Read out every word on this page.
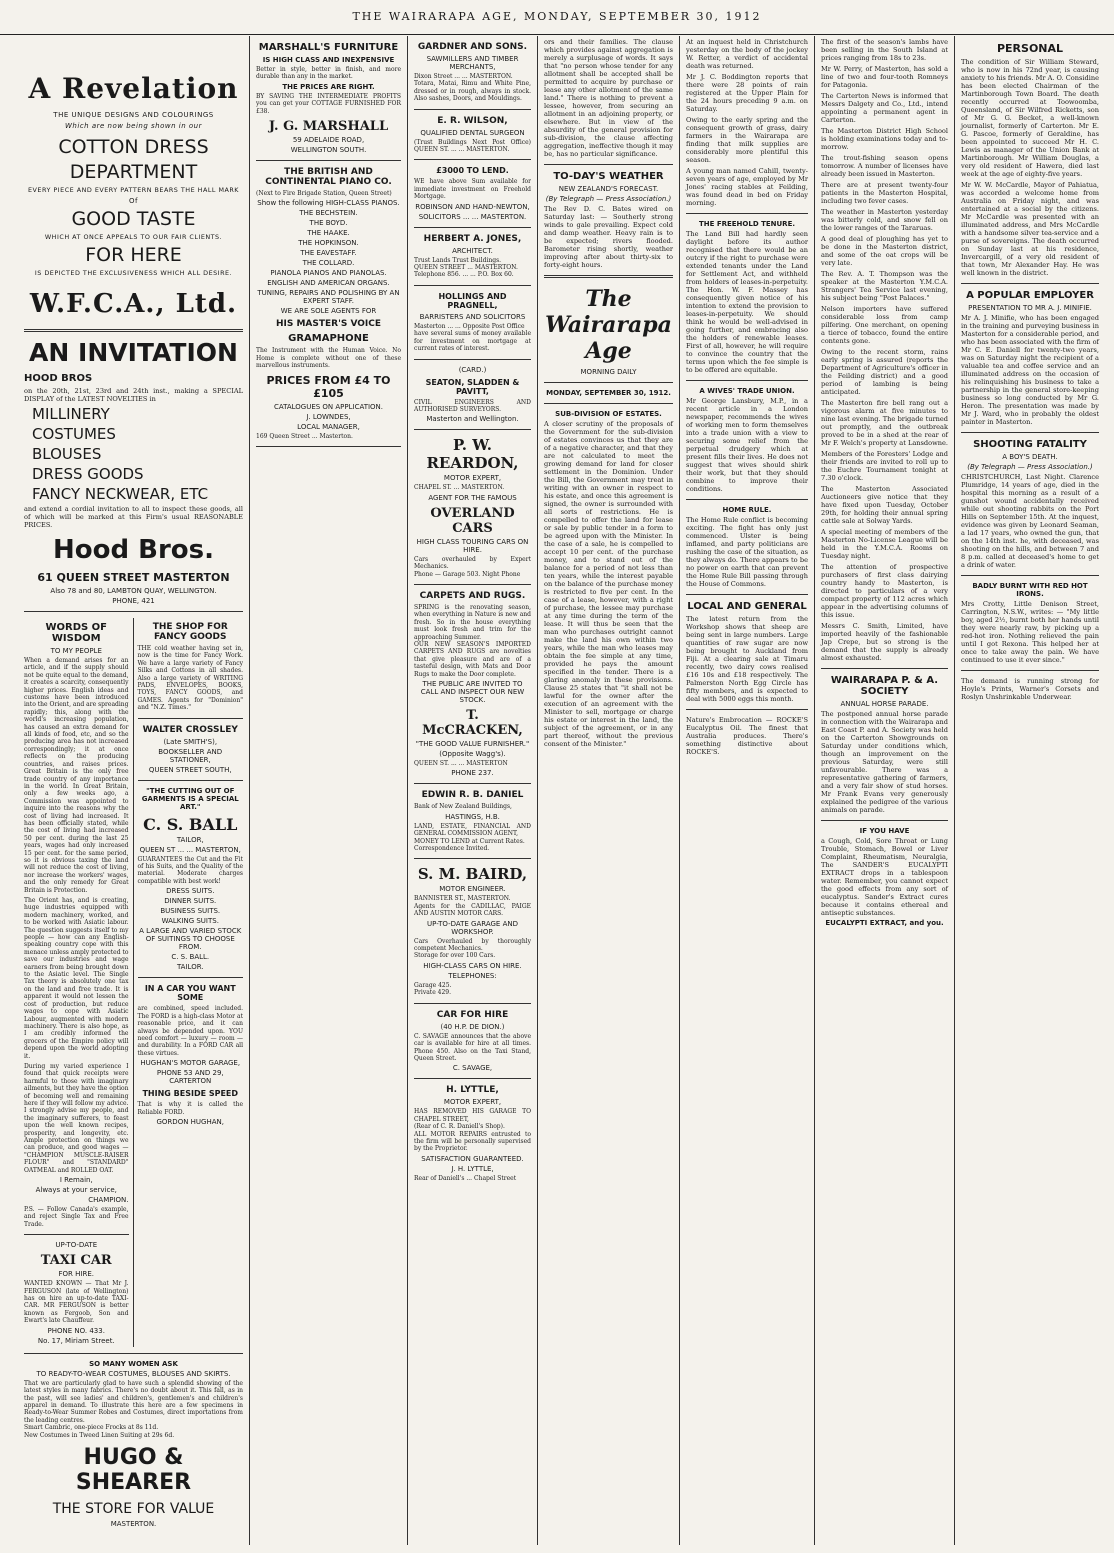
THE WAIRARAPA AGE, MONDAY, SEPTEMBER 30, 1912
A Revelation
THE UNIQUE DESIGNS AND COLOURINGS
Which are now being shown in our
COTTON DRESS
DEPARTMENT
EVERY PIECE AND EVERY PATTERN BEARS THE HALL MARK
Of
GOOD TASTE
WHICH AT ONCE APPEALS TO OUR FAIR CLIENTS.
FOR HERE
IS DEPICTED THE EXCLUSIVENESS WHICH ALL DESIRE.
W.F.C.A., Ltd.
AN INVITATION
HOOD BROS
on the 20th, 21st, 23rd and 24th inst., making a SPECIAL DISPLAY of the LATEST NOVELTIES in
MILLINERY
COSTUMES
BLOUSES
DRESS GOODS
FANCY NECKWEAR, ETC
and extend a cordial invitation to all to inspect these goods, all of which will be marked at this Firm's usual REASONABLE PRICES.
Hood Bros.
61 QUEEN STREET MASTERTON
Also 78 and 80, LAMBTON QUAY, WELLINGTON.
PHONE, 421
WORDS OF WISDOM
TO MY PEOPLE
When a demand arises for an article, and if the supply should not be quite equal to the demand, it creates a scarcity, consequently higher prices. English ideas and customs have been introduced into the Orient, and are spreading rapidly; this, along with the world's increasing population, has caused an extra demand for all kinds of food, etc, and so the producing area has not increased correspondingly; it at once reflects on the producing countries, and raises prices. Great Britain is the only free trade country of any importance in the world. In Great Britain, only a few weeks ago, a Commission was appointed to inquire into the reasons why the cost of living had increased. It has been officially stated, while the cost of living had increased 50 per cent. during the last 25 years, wages had only increased 15 per cent. for the same period, so it is obvious taxing the land will not reduce the cost of living, nor increase the workers' wages, and the only remedy for Great Britain is Protection.
The Orient has, and is creating, huge industries equipped with modern machinery, worked, and to be worked with Asiatic labour. The question suggests itself to my people — how can any English-speaking country cope with this menace unless amply protected to save our industries and wage earners from being brought down to the Asiatic level. The Single Tax theory is absolutely one tax on the land and free trade. It is apparent it would not lessen the cost of production, but reduce wages to cope with Asiatic Labour, augmented with modern machinery. There is also hope, as I am credibly informed the grocers of the Empire policy will depend upon the world adopting it.
During my varied experience I found that quick receipts were harmful to those with imaginary ailments, but they have the option of becoming well and remaining here if they will follow my advice. I strongly advise my people, and the imaginary sufferers, to feast upon the well known recipes, prosperity, and longevity, etc. Ample protection on things we can produce, and good wages — "CHAMPION MUSCLE-RAISER FLOUR" and "STANDARD" OATMEAL and ROLLED OAT.
I Remain,
Always at your service,
CHAMPION.
P.S. — Follow Canada's example, and reject Single Tax and Free Trade.
UP-TO-DATE
TAXI CAR
FOR HIRE.
WANTED KNOWN — That Mr J. FERGUSON (late of Wellington) has on hire an up-to-date TAXI-CAR. MR FERGUSON is better known as Fergoob, Son and Ewart's late Chauffeur.
PHONE NO. 433.
No. 17, Miriam Street.
THE SHOP FOR FANCY GOODS
THE cold weather having set in, now is the time for Fancy Work. We have a large variety of Fancy Silks and Cottons in all shades. Also a large variety of WRITING PADS, ENVELOPES, BOOKS, TOYS, FANCY GOODS, and GAMES. Agents for "Dominion" and "N.Z. Times."
WALTER CROSSLEY
(Late SMITH'S),
BOOKSELLER AND STATIONER,
QUEEN STREET SOUTH,
"THE CUTTING OUT OF GARMENTS IS A SPECIAL ART."
C. S. BALL
TAILOR,
QUEEN ST ... ... MASTERTON,
GUARANTEES the Cut and the Fit of his Suits, and the Quality of the material. Moderate charges compatible with best work!
DRESS SUITS.
DINNER SUITS.
BUSINESS SUITS.
WALKING SUITS.
A LARGE AND VARIED STOCK OF SUITINGS TO CHOOSE FROM.
C. S. BALL.
TAILOR.
IN A CAR YOU WANT SOME
are combined, speed included. The FORD is a high-class Motor at reasonable price, and it can always be depended upon. YOU need comfort — luxury — room — and durability. In a FORD CAR all these virtues.
HUGHAN'S MOTOR GARAGE,
PHONE 53 AND 29, CARTERTON
THING BESIDE SPEED
That is why it is called the Reliable FORD.
GORDON HUGHAN,
SO MANY WOMEN ASK
TO READY-TO-WEAR COSTUMES, BLOUSES AND SKIRTS.
That we are particularly glad to have such a splendid showing of the latest styles in many fabrics. There's no doubt about it. This fall, as in the past, will see ladies' and children's, gentlemen's and children's apparel in demand. To illustrate this here are a few specimens in Ready-to-Wear Summer Robes and Costumes, direct importations from the leading centres.
Smart Cambric, one-piece Frocks at 8s 11d.
New Costumes in Tweed Linen Suiting at 29s 6d.
HUGO & SHEARER
THE STORE FOR VALUE
MASTERTON.
MARSHALL'S FURNITURE
IS HIGH CLASS AND INEXPENSIVE
Better in style, better in finish, and more durable than any in the market.
THE PRICES ARE RIGHT.
BY SAVING THE INTERMEDIATE PROFITS you can get your COTTAGE FURNISHED FOR £38.
J. G. MARSHALL
59 ADELAIDE ROAD,
WELLINGTON SOUTH.
THE BRITISH AND CONTINENTAL PIANO CO.
(Next to Fire Brigade Station, Queen Street)
Show the following HIGH-CLASS PIANOS.
THE BECHSTEIN.
THE BOYD.
THE HAAKE.
THE HOPKINSON.
THE EAVESTAFF.
THE COLLARD.
PIANOLA PIANOS AND PIANOLAS.
ENGLISH AND AMERICAN ORGANS.
TUNING, REPAIRS AND POLISHING BY AN EXPERT STAFF.
WE ARE SOLE AGENTS FOR
HIS MASTER'S VOICE
GRAMAPHONE
The Instrument with the Human Voice. No Home is complete without one of these marvellous instruments.
PRICES FROM £4 TO £105
CATALOGUES ON APPLICATION.
J. LOWNDES,
LOCAL MANAGER,
169 Queen Street ... Masterton.
GARDNER AND SONS.
SAWMILLERS AND TIMBER MERCHANTS,
Dixon Street ... ... MASTERTON.
Totara, Matai, Rimu and White Pine, dressed or in rough, always in stock. Also sashes, Doors, and Mouldings.
E. R. WILSON,
QUALIFIED DENTAL SURGEON
(Trust Buildings Next Post Office) QUEEN ST. ... ... MASTERTON.
£3000 TO LEND.
WE have above Sum available for immediate investment on Freehold Mortgage.
ROBINSON AND HAND-NEWTON,
SOLICITORS ... ... MASTERTON.
HERBERT A. JONES,
ARCHITECT.
Trust Lands Trust Buildings.
QUEEN STREET ... MASTERTON.
Telephone 856. ... ... P.O. Box 60.
HOLLINGS AND PRAGNELL,
BARRISTERS AND SOLICITORS
Masterton ... ... Opposite Post Office
have several sums of money available for investment on mortgage at current rates of interest.
(CARD.)
SEATON, SLADDEN & PAVITT,
CIVIL ENGINEERS AND AUTHORISED SURVEYORS.
Masterton and Wellington.
P. W. REARDON,
MOTOR EXPERT,
CHAPEL ST. ... MASTERTON.
AGENT FOR THE FAMOUS
OVERLAND CARS
HIGH CLASS TOURING CARS ON HIRE.
Cars overhauled by Expert Mechanics.
Phone — Garage 503. Night Phone
CARPETS AND RUGS.
SPRING is the renovating season, when everything in Nature is new and fresh. So in the house everything must look fresh and trim for the approaching Summer.
OUR NEW SEASON'S IMPORTED CARPETS AND RUGS are novelties that give pleasure and are of a tasteful design, with Mats and Door Rugs to make the Door complete.
THE PUBLIC ARE INVITED TO CALL AND INSPECT OUR NEW STOCK.
T. McCRACKEN,
"THE GOOD VALUE FURNISHER."
(Opposite Wagg's).
QUEEN ST. ... ... MASTERTON
PHONE 237.
EDWIN R. B. DANIEL
Bank of New Zealand Buildings,
HASTINGS, H.B.
LAND, ESTATE, FINANCIAL AND GENERAL COMMISSION AGENT,
MONEY TO LEND at Current Rates.
Correspondence Invited.
S. M. BAIRD,
MOTOR ENGINEER.
BANNISTER ST., MASTERTON.
Agents for the CADILLAC, PAIGE AND AUSTIN MOTOR CARS.
UP-TO-DATE GARAGE AND WORKSHOP.
Cars Overhauled by thoroughly competent Mechanics.
Storage for over 100 Cars.
HIGH-CLASS CARS ON HIRE.
TELEPHONES:
Garage 425.
Private 429.
CAR FOR HIRE
(40 H.P. DE DION.)
C. SAVAGE announces that the above car is available for hire at all times. Phone 450. Also on the Taxi Stand, Queen Street.
C. SAVAGE,
H. LYTTLE,
MOTOR EXPERT,
HAS REMOVED HIS GARAGE TO CHAPEL STREET,
(Rear of C. R. Daniell's Shop).
ALL MOTOR REPAIRS entrusted to the firm will be personally supervised by the Proprietor.
SATISFACTION GUARANTEED.
J. H. LYTTLE,
Rear of Daniell's ... Chapel Street
ors and their families. The clause which provides against aggregation is merely a surplusage of words. It says that "no person whose tender for any allotment shall be accepted shall be permitted to acquire by purchase or lease any other allotment of the same land." There is nothing to prevent a lessee, however, from securing an allotment in an adjoining property, or elsewhere. But in view of the absurdity of the general provision for sub-division, the clause affecting aggregation, ineffective though it may be, has no particular significance.
TO-DAY'S WEATHER
NEW ZEALAND'S FORECAST.
(By Telegraph — Press Association.)
The Rev D. C. Bates wired on Saturday last: — Southerly strong winds to gale prevailing. Expect cold and damp weather. Heavy rain is to be expected; rivers flooded. Barometer rising shortly, weather improving after about thirty-six to forty-eight hours.
The Wairarapa Age
MORNING DAILY
MONDAY, SEPTEMBER 30, 1912.
SUB-DIVISION OF ESTATES.
A closer scrutiny of the proposals of the Government for the sub-division of estates convinces us that they are of a negative character, and that they are not calculated to meet the growing demand for land for closer settlement in the Dominion. Under the Bill, the Government may treat in writing with an owner in respect to his estate, and once this agreement is signed, the owner is surrounded with all sorts of restrictions. He is compelled to offer the land for lease or sale by public tender in a form to be agreed upon with the Minister. In the case of a sale, he is compelled to accept 10 per cent. of the purchase money, and to stand out of the balance for a period of not less than ten years, while the interest payable on the balance of the purchase money is restricted to five per cent. In the case of a lease, however, with a right of purchase, the lessee may purchase at any time during the term of the lease. It will thus be seen that the man who purchases outright cannot make the land his own within two years, while the man who leases may obtain the fee simple at any time, provided he pays the amount specified in the tender. There is a glaring anomaly in these provisions. Clause 25 states that "it shall not be lawful for the owner after the execution of an agreement with the Minister to sell, mortgage or charge his estate or interest in the land, the subject of the agreement, or in any part thereof, without the previous consent of the Minister."
At an inquest held in Christchurch yesterday on the body of the jockey W. Retter, a verdict of accidental death was returned.
Mr J. C. Boddington reports that there were 28 points of rain registered at the Upper Plain for the 24 hours preceding 9 a.m. on Saturday.
Owing to the early spring and the consequent growth of grass, dairy farmers in the Wairarapa are finding that milk supplies are considerably more plentiful this season.
A young man named Cahill, twenty-seven years of age, employed by Mr Jones' racing stables at Feilding, was found dead in bed on Friday morning.
THE FREEHOLD TENURE.
The Land Bill had hardly seen daylight before its author recognised that there would be an outcry if the right to purchase were extended tenants under the Land for Settlement Act, and withheld from holders of leases-in-perpetuity. The Hon. W. F. Massey has consequently given notice of his intention to extend the provision to leases-in-perpetuity. We should think he would be well-advised in going further, and embracing also the holders of renewable leases. First of all, however, he will require to convince the country that the terms upon which the fee simple is to be offered are equitable.
A WIVES' TRADE UNION.
Mr George Lansbury, M.P., in a recent article in a London newspaper, recommends the wives of working men to form themselves into a trade union with a view to securing some relief from the perpetual drudgery which at present fills their lives. He does not suggest that wives should shirk their work, but that they should combine to improve their conditions.
HOME RULE.
The Home Rule conflict is becoming exciting. The fight has only just commenced. Ulster is being inflamed, and party politicians are rushing the case of the situation, as they always do. There appears to be no power on earth that can prevent the Home Rule Bill passing through the House of Commons.
LOCAL AND GENERAL
The latest return from the Workshop shows that sheep are being sent in large numbers. Large quantities of raw sugar are now being brought to Auckland from Fiji. At a clearing sale at Timaru recently, two dairy cows realised £16 10s and £18 respectively. The Palmerston North Egg Circle has fifty members, and is expected to deal with 5000 eggs this month.
Nature's Embrocation — ROCKE'S Eucalyptus Oil. The finest that Australia produces. There's something distinctive about ROCKE'S.
The first of the season's lambs have been selling in the South Island at prices ranging from 18s to 23s.
Mr W. Perry, of Masterton, has sold a line of two and four-tooth Romneys for Patagonia.
The Carterton News is informed that Messrs Dalgety and Co., Ltd., intend appointing a permanent agent in Carterton.
The Masterton District High School is holding examinations today and to-morrow.
The trout-fishing season opens tomorrow. A number of licenses have already been issued in Masterton.
There are at present twenty-four patients in the Masterton Hospital, including two fever cases.
The weather in Masterton yesterday was bitterly cold, and snow fell on the lower ranges of the Tararuas.
A good deal of ploughing has yet to be done in the Masterton district, and some of the oat crops will be very late.
The Rev. A. T. Thompson was the speaker at the Masterton Y.M.C.A. Strangers' Tea Service last evening, his subject being "Post Palaces."
Nelson importers have suffered considerable loss from camp pilfering. One merchant, on opening a tierce of tobacco, found the entire contents gone.
Owing to the recent storm, rains early spring is assured (reports the Department of Agriculture's officer in the Feilding district) and a good period of lambing is being anticipated.
The Masterton fire bell rang out a vigorous alarm at five minutes to nine last evening. The brigade turned out promptly, and the outbreak proved to be in a shed at the rear of Mr F. Welch's property at Lansdowne.
Members of the Foresters' Lodge and their friends are invited to roll up to the Euchre Tournament tonight at 7.30 o'clock.
The Masterton Associated Auctioneers give notice that they have fixed upon Tuesday, October 29th, for holding their annual spring cattle sale at Solway Yards.
A special meeting of members of the Masterton No-License League will be held in the Y.M.C.A. Rooms on Tuesday night.
The attention of prospective purchasers of first class dairying country handy to Masterton, is directed to particulars of a very compact property of 112 acres which appear in the advertising columns of this issue.
Messrs C. Smith, Limited, have imported heavily of the fashionable Jap Crepe, but so strong is the demand that the supply is already almost exhausted.
WAIRARAPA P. & A. SOCIETY
ANNUAL HORSE PARADE.
The postponed annual horse parade in connection with the Wairarapa and East Coast P. and A. Society was held on the Carterton Showgrounds on Saturday under conditions which, though an improvement on the previous Saturday, were still unfavourable. There was a representative gathering of farmers, and a very fair show of stud horses. Mr Frank Evans very generously explained the pedigree of the various animals on parade.
IF YOU HAVE
a Cough, Cold, Sore Throat or Lung Trouble, Stomach, Bowel or Liver Complaint, Rheumatism, Neuralgia, The SANDER'S EUCALYPTI EXTRACT drops in a tablespoon water. Remember, you cannot expect the good effects from any sort of eucalyptus. Sander's Extract cures because it contains ethereal and antiseptic substances.
EUCALYPTI EXTRACT, and you.
PERSONAL
The condition of Sir William Steward, who is now in his 72nd year, is causing anxiety to his friends. Mr A. O. Considine has been elected Chairman of the Martinborough Town Board. The death recently occurred at Toowoomba, Queensland, of Sir Wilfred Ricketts, son of Mr G. G. Becket, a well-known journalist, formerly of Carterton. Mr E. G. Pascoe, formerly of Geraldine, has been appointed to succeed Mr H. C. Lewis as manager of the Union Bank at Martinborough. Mr William Douglas, a very old resident of Hawera, died last week at the age of eighty-five years.
Mr W. W. McCardle, Mayor of Pahiatua, was accorded a welcome home from Australia on Friday night, and was entertained at a social by the citizens. Mr McCardle was presented with an illuminated address, and Mrs McCardle with a handsome silver tea-service and a purse of sovereigns. The death occurred on Sunday last at his residence, Invercargill, of a very old resident of that town, Mr Alexander Hay. He was well known in the district.
A POPULAR EMPLOYER
PRESENTATION TO MR A. J. MINIFIE.
Mr A. J. Minifie, who has been engaged in the training and purveying business in Masterton for a considerable period, and who has been associated with the firm of Mr C. E. Daniell for twenty-two years, was on Saturday night the recipient of a valuable tea and coffee service and an illuminated address on the occasion of his relinquishing his business to take a partnership in the general store-keeping business so long conducted by Mr G. Heron. The presentation was made by Mr J. Ward, who in probably the oldest painter in Masterton.
SHOOTING FATALITY
A BOY'S DEATH.
(By Telegraph — Press Association.)
CHRISTCHURCH, Last Night. Clarence Plumridge, 14 years of age, died in the hospital this morning as a result of a gunshot wound accidentally received while out shooting rabbits on the Port Hills on September 15th. At the inquest, evidence was given by Leonard Seaman, a lad 17 years, who owned the gun, that on the 14th inst. he, with deceased, was shooting on the hills, and between 7 and 8 p.m. called at deceased's home to get a drink of water.
BADLY BURNT WITH RED HOT IRONS.
Mrs Crotty, Little Denison Street, Carrington, N.S.W., writes: — "My little boy, aged 2½, burnt both her hands until they were nearly raw, by picking up a red-hot iron. Nothing relieved the pain until I got Rexona. This helped her at once to take away the pain. We have continued to use it ever since."
The demand is running strong for Hoyle's Prints, Warner's Corsets and Roslyn Unshrinkable Underwear.
